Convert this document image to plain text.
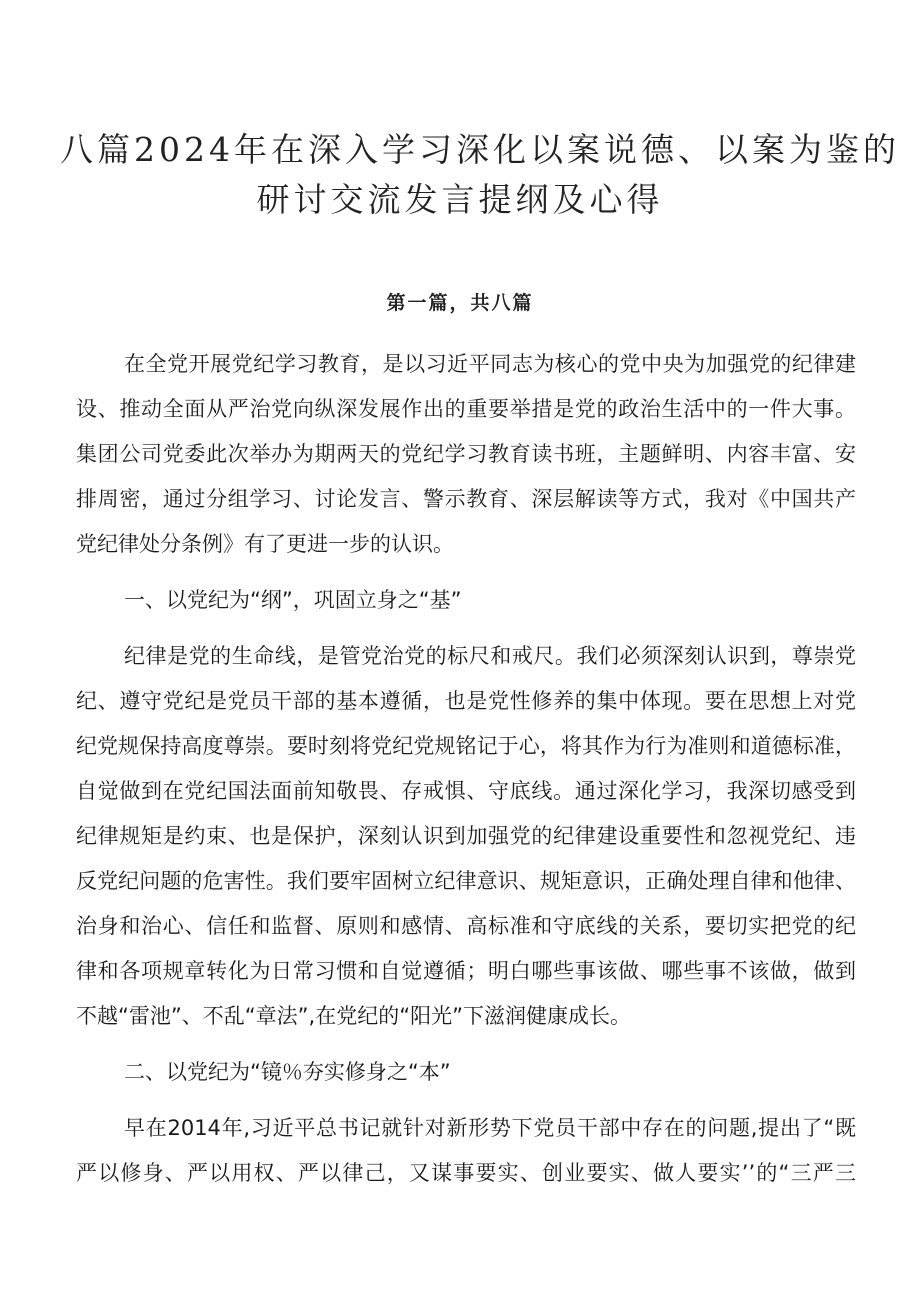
八篇2024年在深入学习深化以案说德、以案为鉴的
研讨交流发言提纲及心得
第一篇，共八篇
在全党开展党纪学习教育，是以习近平同志为核心的党中央为加强党的纪律建
设、推动全面从严治党向纵深发展作出的重要举措是党的政治生活中的一件大事。
集团公司党委此次举办为期两天的党纪学习教育读书班，主题鲜明、内容丰富、安
排周密，通过分组学习、讨论发言、警示教育、深层解读等方式，我对《中国共产
党纪律处分条例》有了更进一步的认识。
一、以党纪为“纲”，巩固立身之“基”
纪律是党的生命线，是管党治党的标尺和戒尺。我们必须深刻认识到，尊崇党
纪、遵守党纪是党员干部的基本遵循，也是党性修养的集中体现。要在思想上对党
纪党规保持高度尊崇。要时刻将党纪党规铭记于心，将其作为行为准则和道德标准，
自觉做到在党纪国法面前知敬畏、存戒惧、守底线。通过深化学习，我深切感受到
纪律规矩是约束、也是保护，深刻认识到加强党的纪律建设重要性和忽视党纪、违
反党纪问题的危害性。我们要牢固树立纪律意识、规矩意识，正确处理自律和他律、
治身和治心、信任和监督、原则和感情、高标准和守底线的关系，要切实把党的纪
律和各项规章转化为日常习惯和自觉遵循；明白哪些事该做、哪些事不该做，做到
不越“雷池”、不乱“章法”,在党纪的“阳光”下滋润健康成长。
二、以党纪为“镜％夯实修身之“本”
早在2014年,习近平总书记就针对新形势下党员干部中存在的问题,提出了“既
严以修身、严以用权、严以律己，又谋事要实、创业要实、做人要实’’的“三严三
